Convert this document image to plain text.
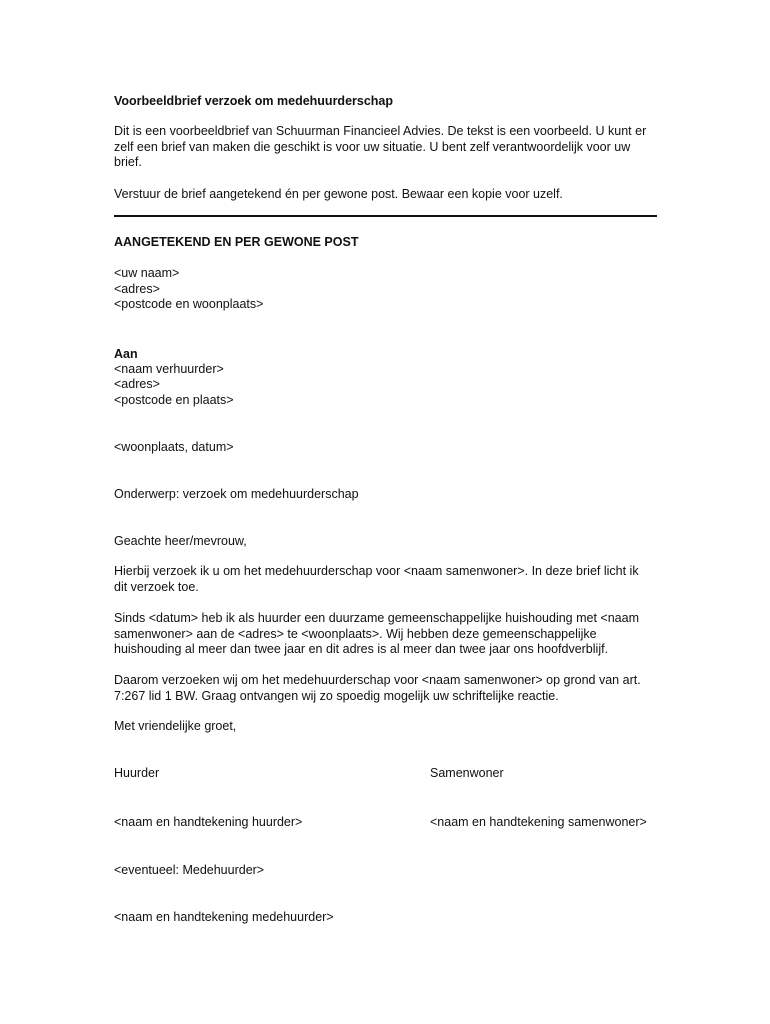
Voorbeeldbrief verzoek om medehuurderschap
Dit is een voorbeeldbrief van Schuurman Financieel Advies. De tekst is een voorbeeld. U kunt er
zelf een brief van maken die geschikt is voor uw situatie. U bent zelf verantwoordelijk voor uw
brief.
Verstuur de brief aangetekend én per gewone post. Bewaar een kopie voor uzelf.
AANGETEKEND EN PER GEWONE POST
<uw naam>
<adres>
<postcode en woonplaats>
Aan
<naam verhuurder>
<adres>
<postcode en plaats>
<woonplaats, datum>
Onderwerp: verzoek om medehuurderschap
Geachte heer/mevrouw,
Hierbij verzoek ik u om het medehuurderschap voor <naam samenwoner>. In deze brief licht ik
dit verzoek toe.
Sinds <datum> heb ik als huurder een duurzame gemeenschappelijke huishouding met <naam
samenwoner> aan de <adres> te <woonplaats>. Wij hebben deze gemeenschappelijke
huishouding al meer dan twee jaar en dit adres is al meer dan twee jaar ons hoofdverblijf.
Daarom verzoeken wij om het medehuurderschap voor <naam samenwoner> op grond van art.
7:267 lid 1 BW. Graag ontvangen wij zo spoedig mogelijk uw schriftelijke reactie.
Met vriendelijke groet,
Huurder	Samenwoner
<naam en handtekening huurder>	<naam en handtekening samenwoner>
<eventueel: Medehuurder>
<naam en handtekening medehuurder>
